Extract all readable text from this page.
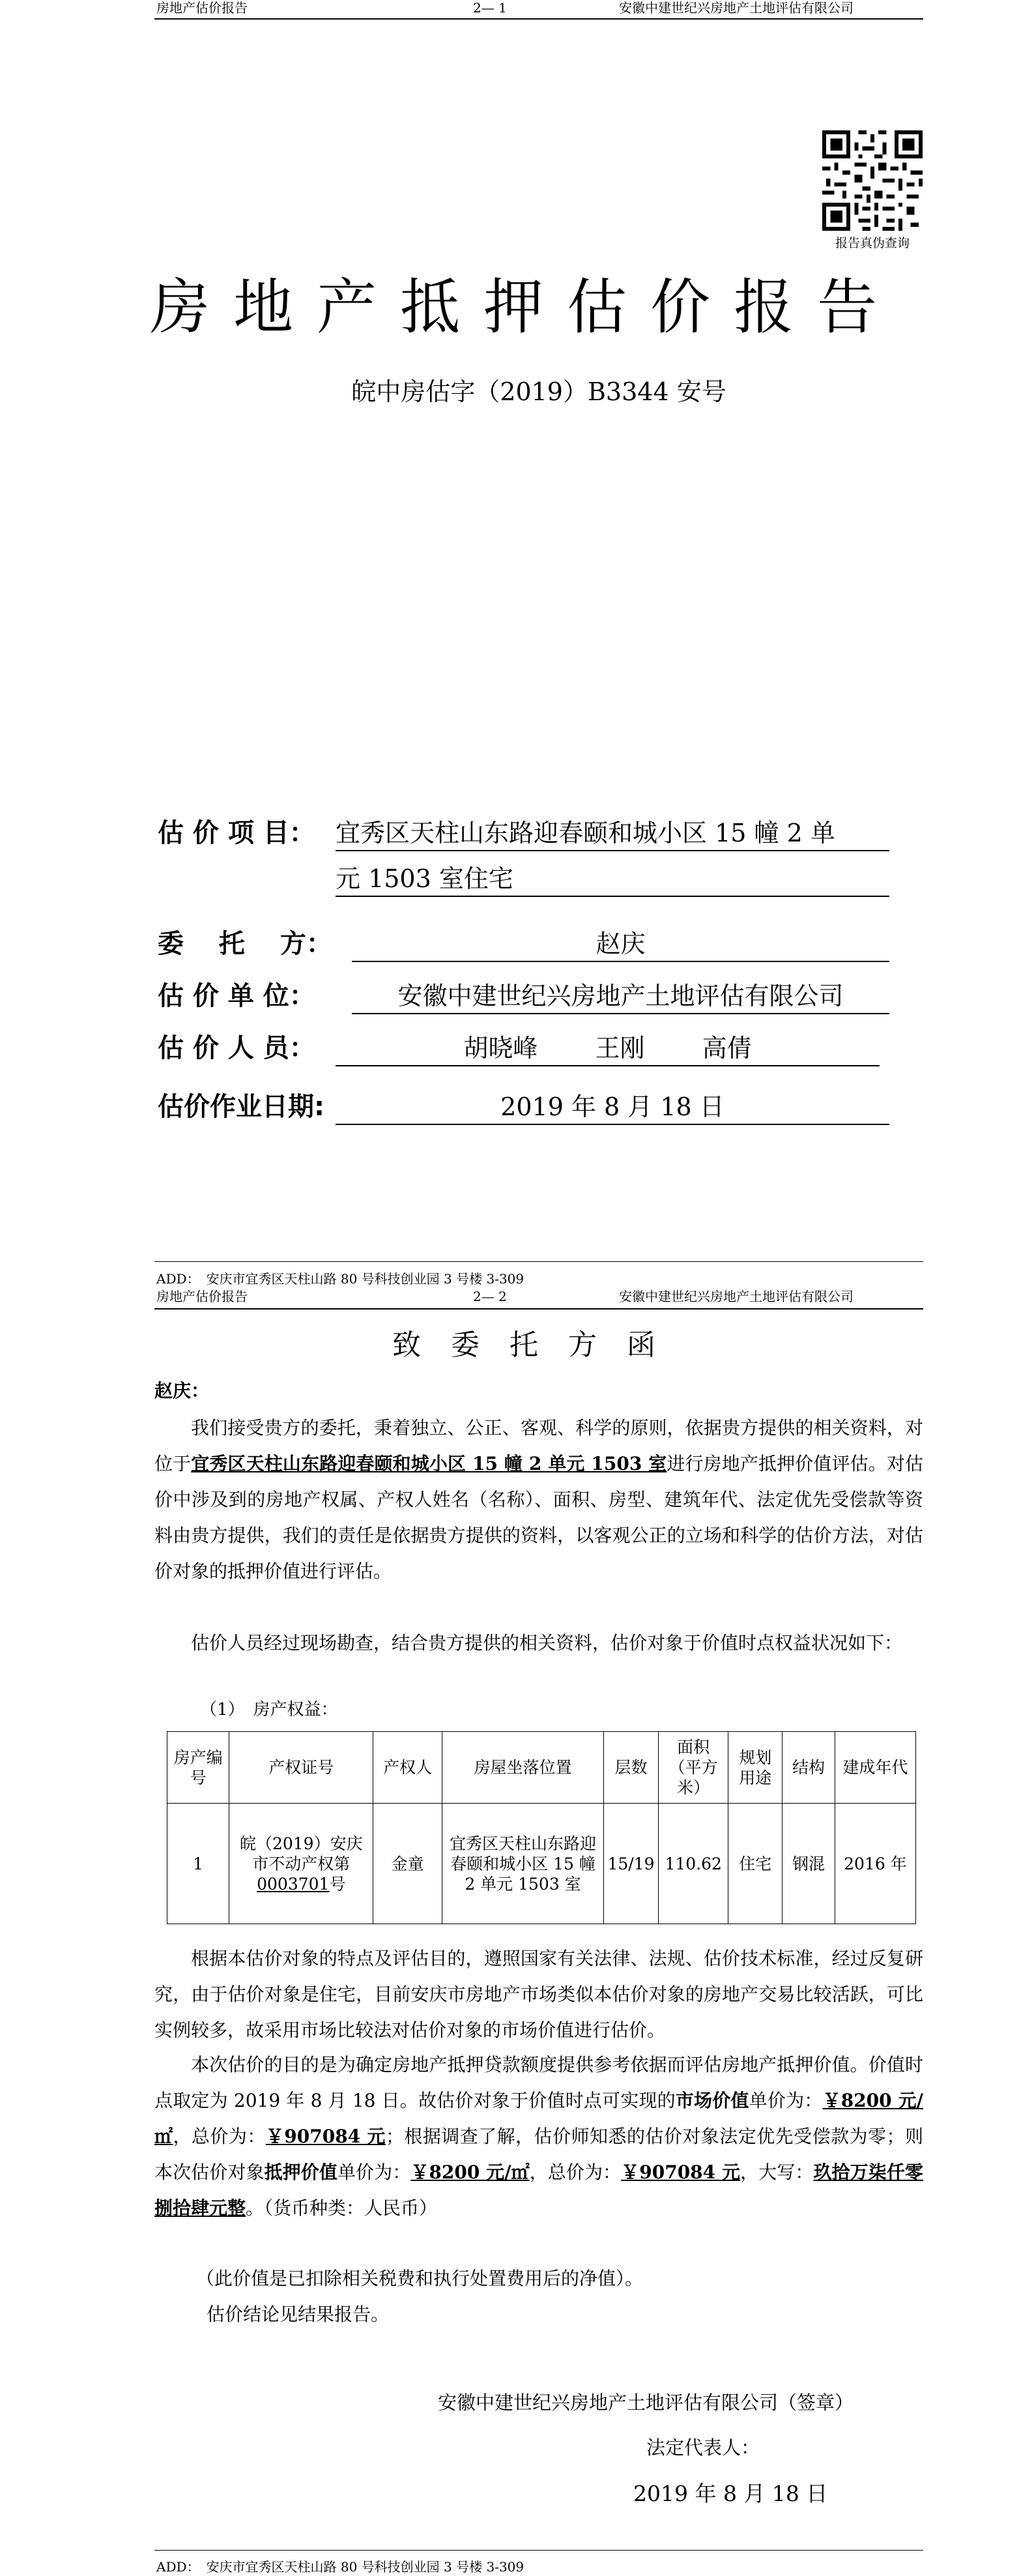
房地产估价报告	2— 1	安徽中建世纪兴房地产土地评估有限公司
报告真伪查询
房地产抵押估价报告
皖中房估字（2019）B3344 安号
估 价 项 目： 宜秀区天柱山东路迎春颐和城小区 15 幢 2 单
元 1503 室住宅
委　 托　 方：	赵庆
估 价 单 位：	安徽中建世纪兴房地产土地评估有限公司
估 价 人 员：	胡晓峰　　 王刚　　 高倩
估价作业日期:	2019 年 8 月 18 日
ADD：　安庆市宜秀区天柱山路 80 号科技创业园 3 号楼 3-309
房地产估价报告	2— 2	安徽中建世纪兴房地产土地评估有限公司
致委托方函
赵庆：
我们接受贵方的委托，秉着独立、公正、客观、科学的原则，依据贵方提供的相关资料，对位于宜秀区天柱山东路迎春颐和城小区 15 幢 2 单元 1503 室进行房地产抵押价值评估。对估价中涉及到的房地产权属、产权人姓名（名称）、面积、房型、建筑年代、法定优先受偿款等资料由贵方提供，我们的责任是依据贵方提供的资料，以客观公正的立场和科学的估价方法，对估价对象的抵押价值进行评估。
估价人员经过现场勘查，结合贵方提供的相关资料，估价对象于价值时点权益状况如下：
（1）　房产权益：
房产编号	产权证号	产权人	房屋坐落位置	层数	面积（平方米）	规划用途	结构	建成年代
1	皖（2019）安庆市不动产权第0003701号	金童	宜秀区天柱山东路迎春颐和城小区 15 幢 2 单元 1503 室	15/19	110.62	住宅	钢混	2016 年
根据本估价对象的特点及评估目的，遵照国家有关法律、法规、估价技术标准，经过反复研究，由于估价对象是住宅，目前安庆市房地产市场类似本估价对象的房地产交易比较活跃，可比实例较多，故采用市场比较法对估价对象的市场价值进行估价。
本次估价的目的是为确定房地产抵押贷款额度提供参考依据而评估房地产抵押价值。价值时点取定为 2019 年 8 月 18 日。故估价对象于价值时点可实现的市场价值单价为：￥8200 元/㎡，总价为：￥907084 元；根据调查了解，估价师知悉的估价对象法定优先受偿款为零；则本次估价对象抵押价值单价为：￥8200 元/㎡，总价为：￥907084 元，大写：玖拾万柒仟零捌拾肆元整。（货币种类：人民币）
（此价值是已扣除相关税费和执行处置费用后的净值）。
估价结论见结果报告。
安徽中建世纪兴房地产土地评估有限公司（签章）
法定代表人：
2019 年 8 月 18 日
ADD：　安庆市宜秀区天柱山路 80 号科技创业园 3 号楼 3-309
